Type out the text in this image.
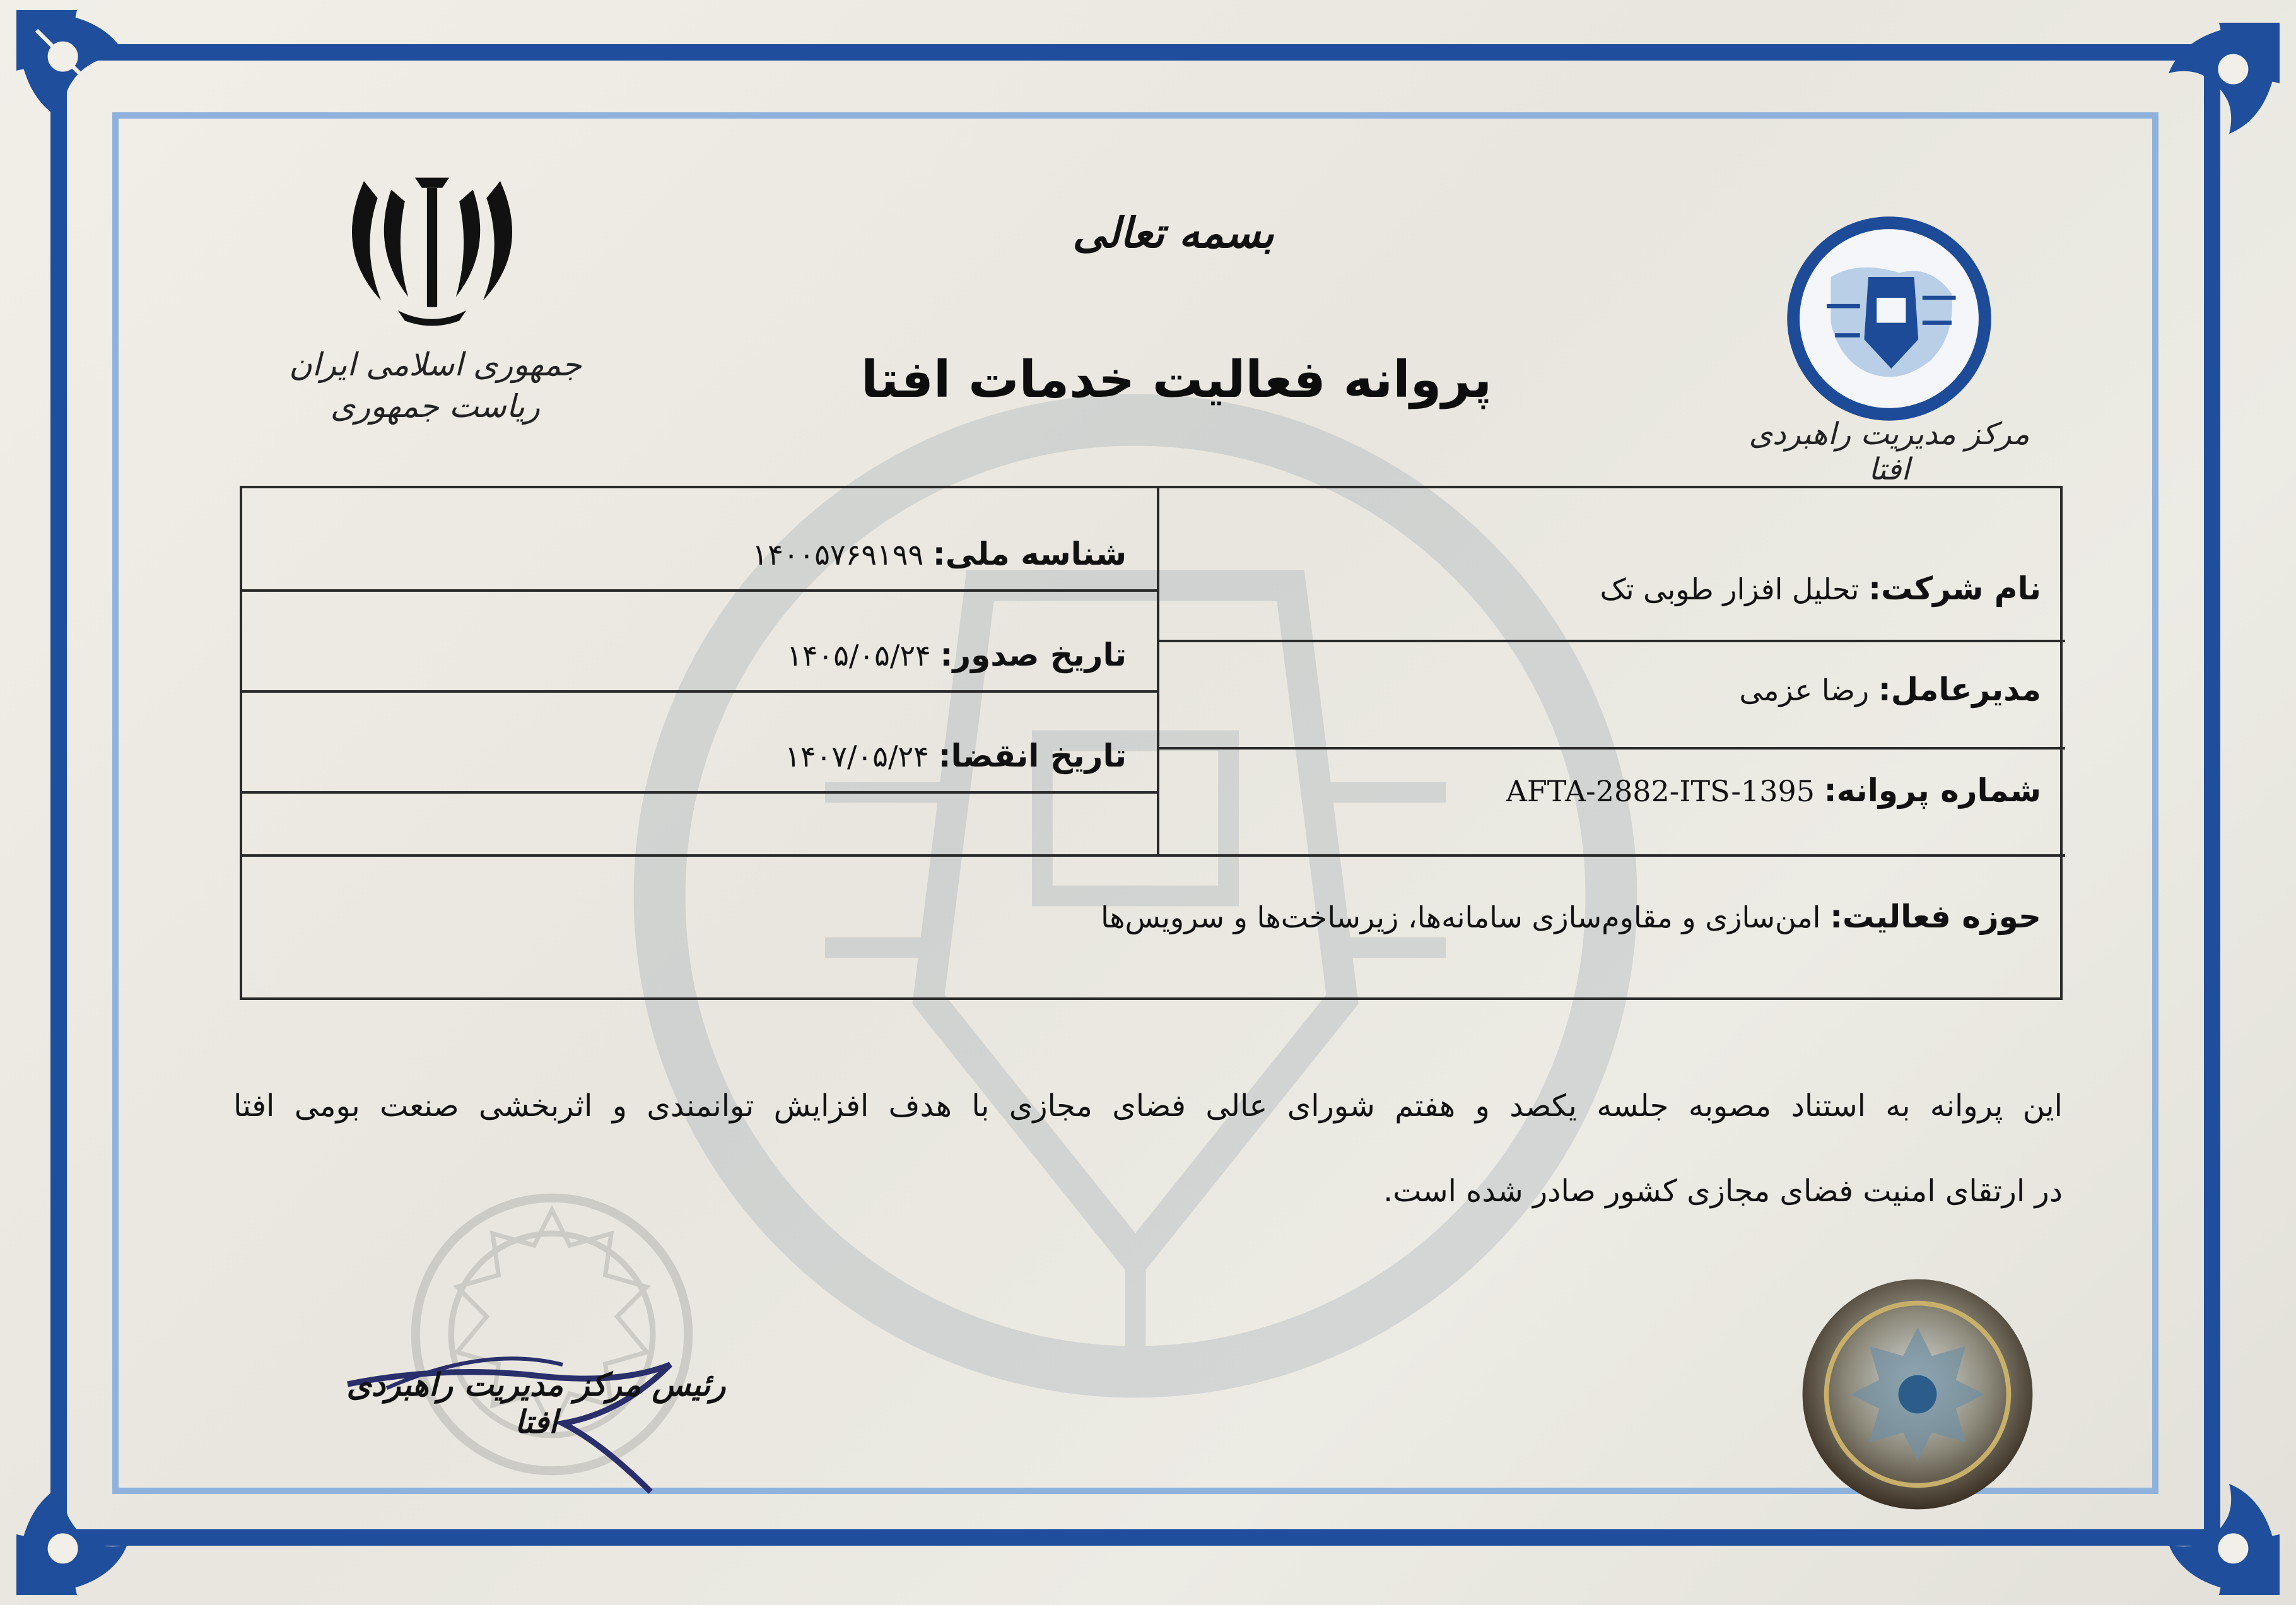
جمهوری اسلامی ایران
ریاست جمهوری
مرکز مدیریت راهبردی افتا
بسمه تعالی
پروانه فعالیت خدمات افتا
نام شرکت: تحلیل افزار طوبی تک
مدیرعامل: رضا عزمی
شماره پروانه: AFTA-2882-ITS-1395
شناسه ملی: ۱۴۰۰۵۷۶۹۱۹۹
تاریخ صدور: ۱۴۰۵/۰۵/۲۴
تاریخ انقضا: ۱۴۰۷/۰۵/۲۴
حوزه فعالیت: امن‌سازی و مقاوم‌سازی سامانه‌ها، زیرساخت‌ها و سرویس‌ها
این پروانه به استناد مصوبه جلسه یکصد و هفتم شورای عالی فضای مجازی با هدف افزایش توانمندی و اثربخشی صنعت بومی افتا
در ارتقای امنیت فضای مجازی کشور صادر شده است.
رئیس مرکز مدیریت راهبردی افتا
